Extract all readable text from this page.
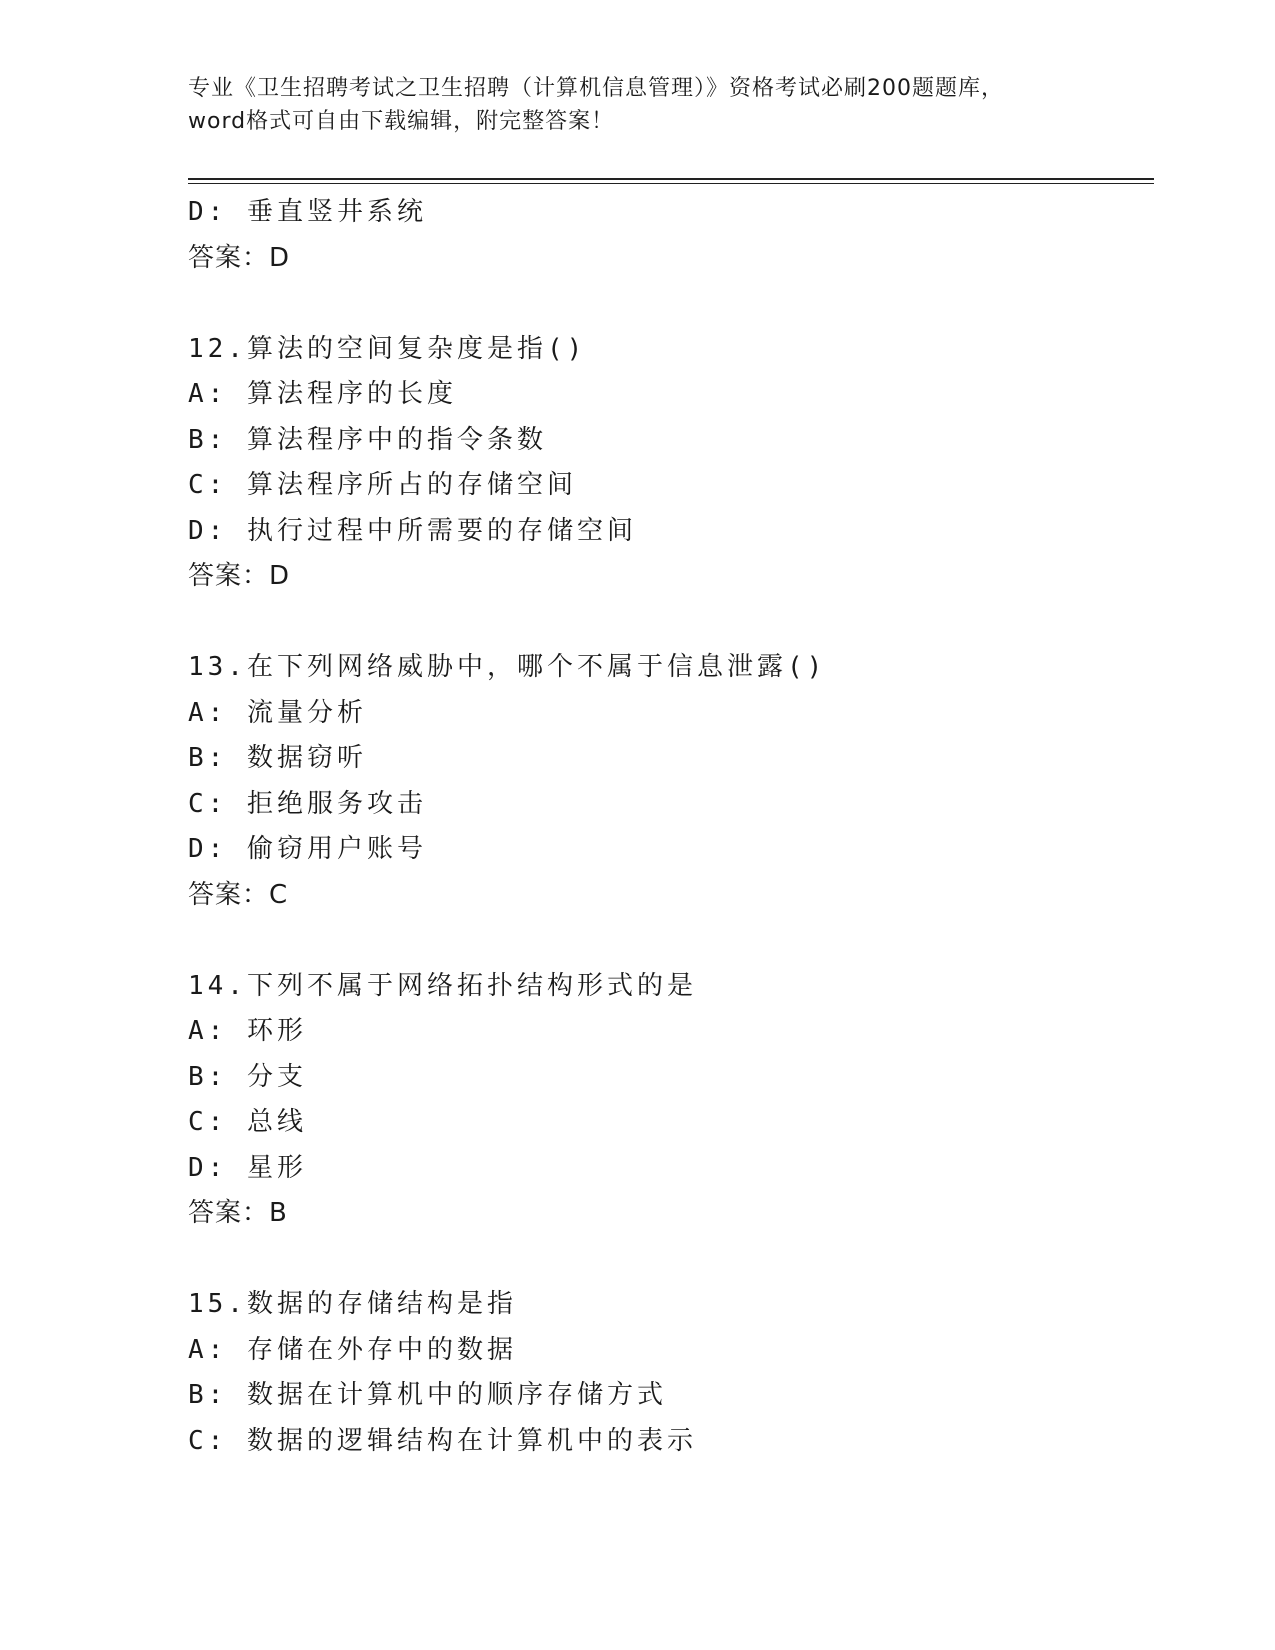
专业《卫生招聘考试之卫生招聘（计算机信息管理）》资格考试必刷200题题库，
word格式可自由下载编辑，附完整答案！
D: 垂直竖井系统
答案：D
12.算法的空间复杂度是指()
A: 算法程序的长度
B: 算法程序中的指令条数
C: 算法程序所占的存储空间
D: 执行过程中所需要的存储空间
答案：D
13.在下列网络威胁中，哪个不属于信息泄露()
A: 流量分析
B: 数据窃听
C: 拒绝服务攻击
D: 偷窃用户账号
答案：C
14.下列不属于网络拓扑结构形式的是
A: 环形
B: 分支
C: 总线
D: 星形
答案：B
15.数据的存储结构是指
A: 存储在外存中的数据
B: 数据在计算机中的顺序存储方式
C: 数据的逻辑结构在计算机中的表示
